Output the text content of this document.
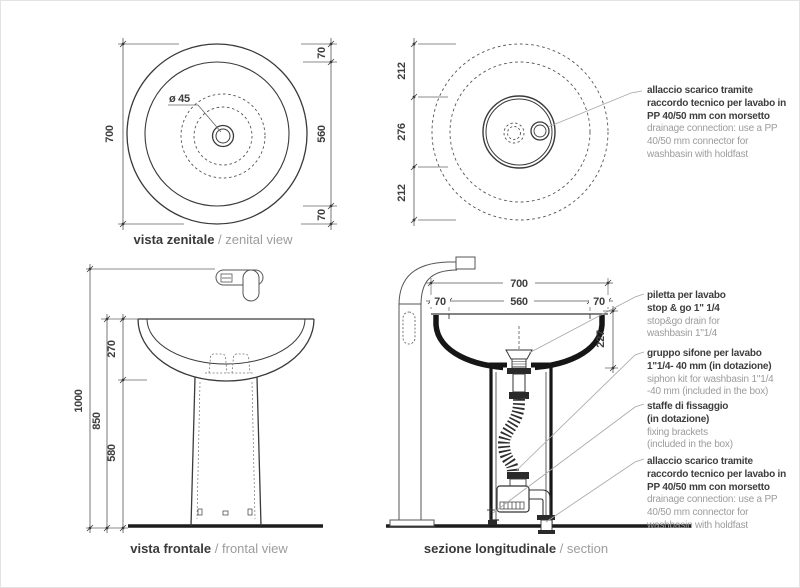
700
70
560
70
ø 45
212
276
212
1000
850
270
580
700
70	560	70
227
vista zenitale / zenital view
vista frontale / frontal view	sezione longitudinale / section
allaccio scarico tramite
raccordo tecnico per lavabo in
PP 40/50 mm con morsetto
drainage connection: use a PP
40/50 mm connector for
washbasin with holdfast
piletta per lavabo
stop & go 1" 1/4
stop&go drain for
washbasin 1"1/4
gruppo sifone per lavabo
1"1/4- 40 mm (in dotazione)
siphon kit for washbasin 1"1/4
-40 mm (included in the box)
staffe di fissaggio
(in dotazione)
fixing brackets
(included in the box)
allaccio scarico tramite
raccordo tecnico per lavabo in
PP 40/50 mm con morsetto
drainage connection: use a PP
40/50 mm connector for
washbasin with holdfast
